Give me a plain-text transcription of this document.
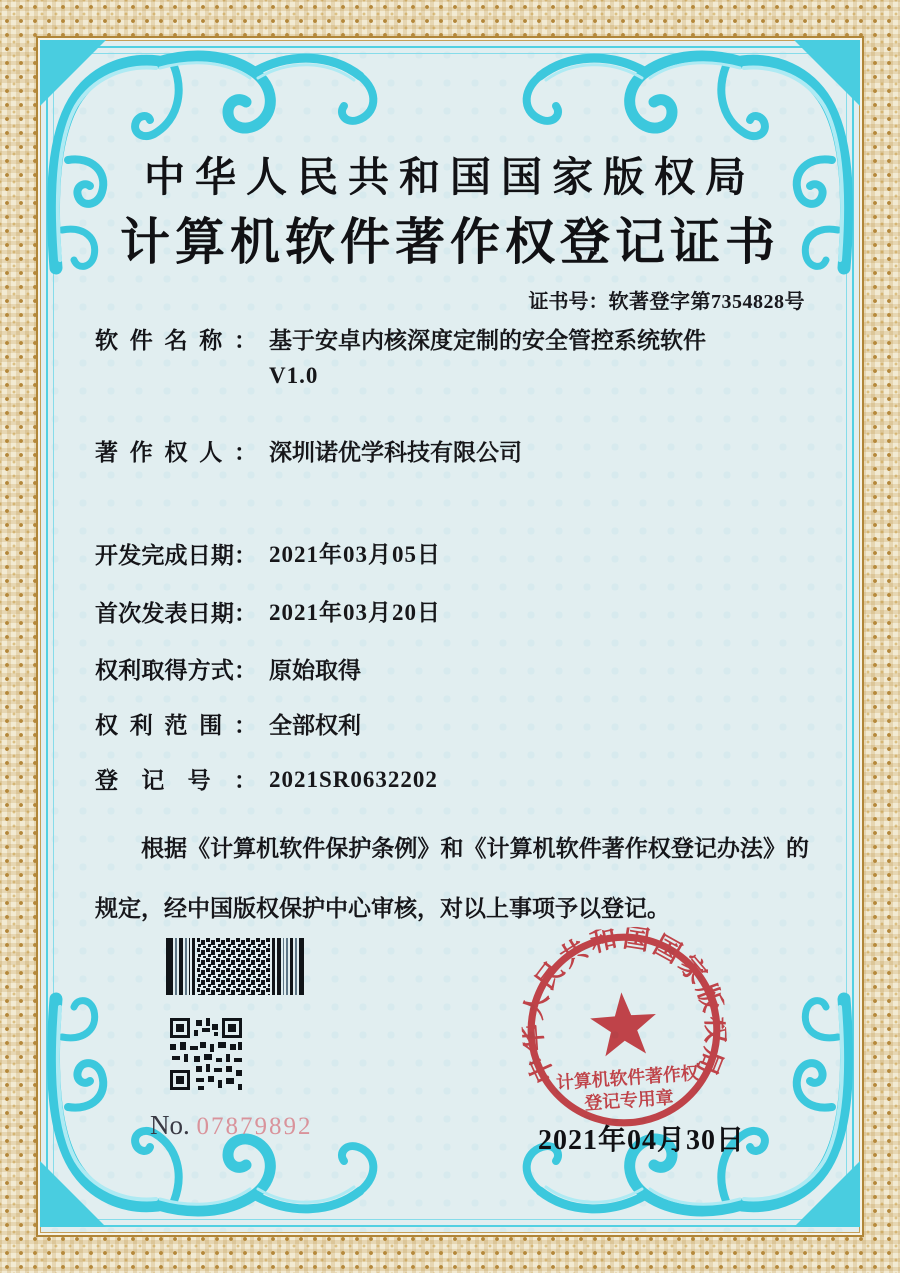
中华人民共和国国家版权局
计算机软件著作权登记证书
证书号：软著登字第7354828号
软件名称： 基于安卓内核深度定制的安全管控系统软件
V1.0
著作权人： 深圳诺优学科技有限公司
开发完成日期： 2021年03月05日
首次发表日期： 2021年03月20日
权利取得方式： 原始取得
权利范围： 全部权利
登记号： 2021SR0632202
根据《计算机软件保护条例》和《计算机软件著作权登记办法》的规定，经中国版权保护中心审核，对以上事项予以登记。
No. 07879892	2021年04月30日
中华人民共和国国家版权局
计算机软件著作权
登记专用章
